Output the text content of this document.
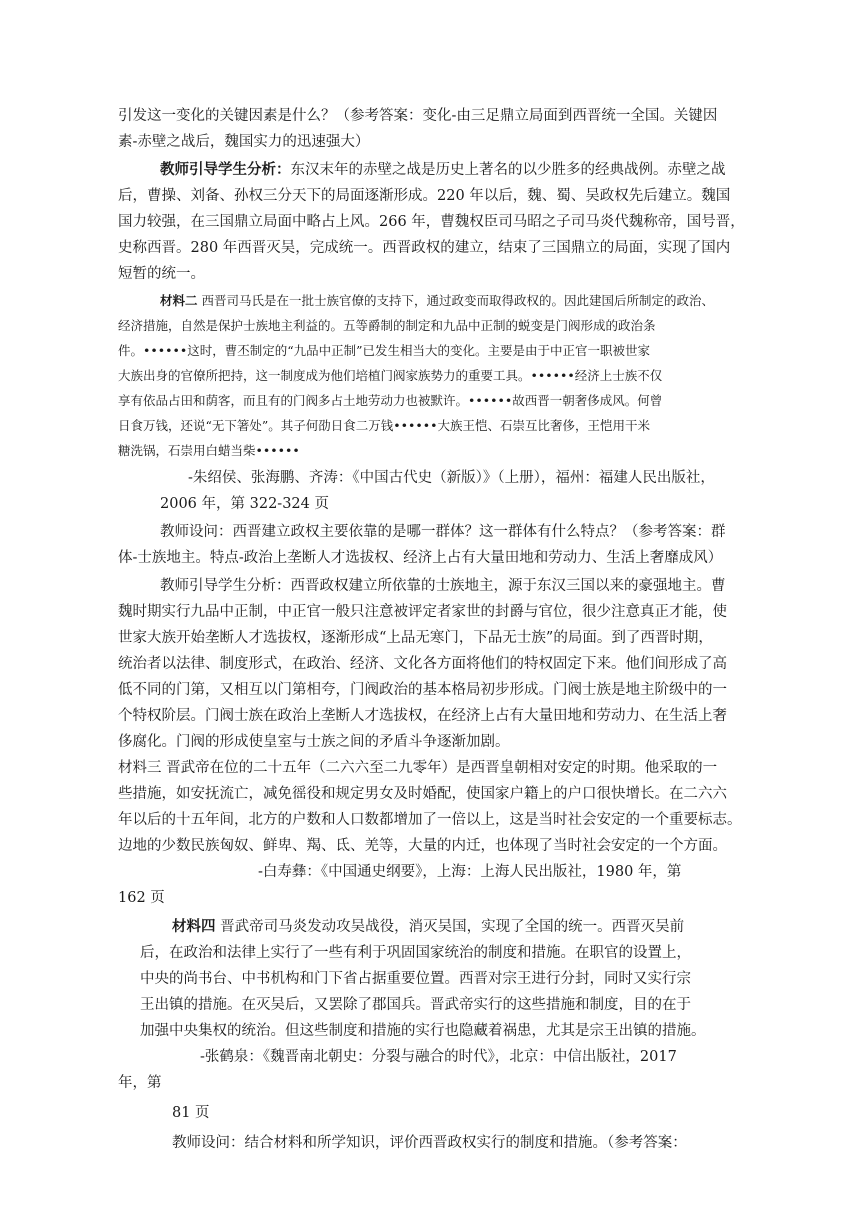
引发这一变化的关键因素是什么？（参考答案：变化-由三足鼎立局面到西晋统一全国。关键因

素-赤壁之战后，魏国实力的迅速强大）

教师引导学生分析：东汉末年的赤壁之战是历史上著名的以少胜多的经典战例。赤壁之战

后，曹操、刘备、孙权三分天下的局面逐渐形成。220 年以后，魏、蜀、吴政权先后建立。魏国

国力较强，在三国鼎立局面中略占上风。266 年，曹魏权臣司马昭之子司马炎代魏称帝，国号晋，

史称西晋。280 年西晋灭吴，完成统一。西晋政权的建立，结束了三国鼎立的局面，实现了国内

短暂的统一。

材料二 西晋司马氏是在一批士族官僚的支持下，通过政变而取得政权的。因此建国后所制定的政治、

经济措施，自然是保护士族地主利益的。五等爵制的制定和九品中正制的蜕变是门阀形成的政治条

件。••••••这时，曹丕制定的“九品中正制”已发生相当大的变化。主要是由于中正官一职被世家

大族出身的官僚所把持，这一制度成为他们培植门阀家族势力的重要工具。••••••经济上士族不仅

享有依品占田和荫客，而且有的门阀多占土地劳动力也被默许。••••••故西晋一朝奢侈成风。何曾

日食万钱，还说“无下箸处”。其子何劭日食二万钱••••••大族王恺、石崇互比奢侈，王恺用干米

糖洗锅，石崇用白蜡当柴••••••

-朱绍侯、张海鹏、齐涛：《中国古代史（新版）》（上册），福州：福建人民出版社，

2006 年，第 322-324 页

教师设问：西晋建立政权主要依靠的是哪一群体？这一群体有什么特点？（参考答案：群

体-士族地主。特点-政治上垄断人才选拔权、经济上占有大量田地和劳动力、生活上奢靡成风）

教师引导学生分析：西晋政权建立所依靠的士族地主，源于东汉三国以来的豪强地主。曹

魏时期实行九品中正制，中正官一般只注意被评定者家世的封爵与官位，很少注意真正才能，使

世家大族开始垄断人才选拔权，逐渐形成“上品无寒门，下品无士族”的局面。到了西晋时期，

统治者以法律、制度形式，在政治、经济、文化各方面将他们的特权固定下来。他们间形成了高

低不同的门第，又相互以门第相夸，门阀政治的基本格局初步形成。门阀士族是地主阶级中的一

个特权阶层。门阀士族在政治上垄断人才选拔权，在经济上占有大量田地和劳动力、在生活上奢

侈腐化。门阀的形成使皇室与士族之间的矛盾斗争逐渐加剧。

材料三 晋武帝在位的二十五年（二六六至二九零年）是西晋皇朝相对安定的时期。他采取的一

些措施，如安抚流亡，减免徭役和规定男女及时婚配，使国家户籍上的户口很快增长。在二六六

年以后的十五年间，北方的户数和人口数都增加了一倍以上，这是当时社会安定的一个重要标志。

边地的少数民族匈奴、鲜卑、羯、氐、羌等，大量的内迁，也体现了当时社会安定的一个方面。

-白寿彝：《中国通史纲要》，上海：上海人民出版社，1980 年，第

162 页

材料四 晋武帝司马炎发动攻吴战役，消灭吴国，实现了全国的统一。西晋灭吴前

后，在政治和法律上实行了一些有利于巩固国家统治的制度和措施。在职官的设置上，

中央的尚书台、中书机构和门下省占据重要位置。西晋对宗王进行分封，同时又实行宗

王出镇的措施。在灭吴后，又罢除了郡国兵。晋武帝实行的这些措施和制度，目的在于

加强中央集权的统治。但这些制度和措施的实行也隐藏着祸患，尤其是宗王出镇的措施。

-张鹤泉：《魏晋南北朝史：分裂与融合的时代》，北京：中信出版社，2017

年，第

81 页

教师设问：结合材料和所学知识，评价西晋政权实行的制度和措施。（参考答案：
